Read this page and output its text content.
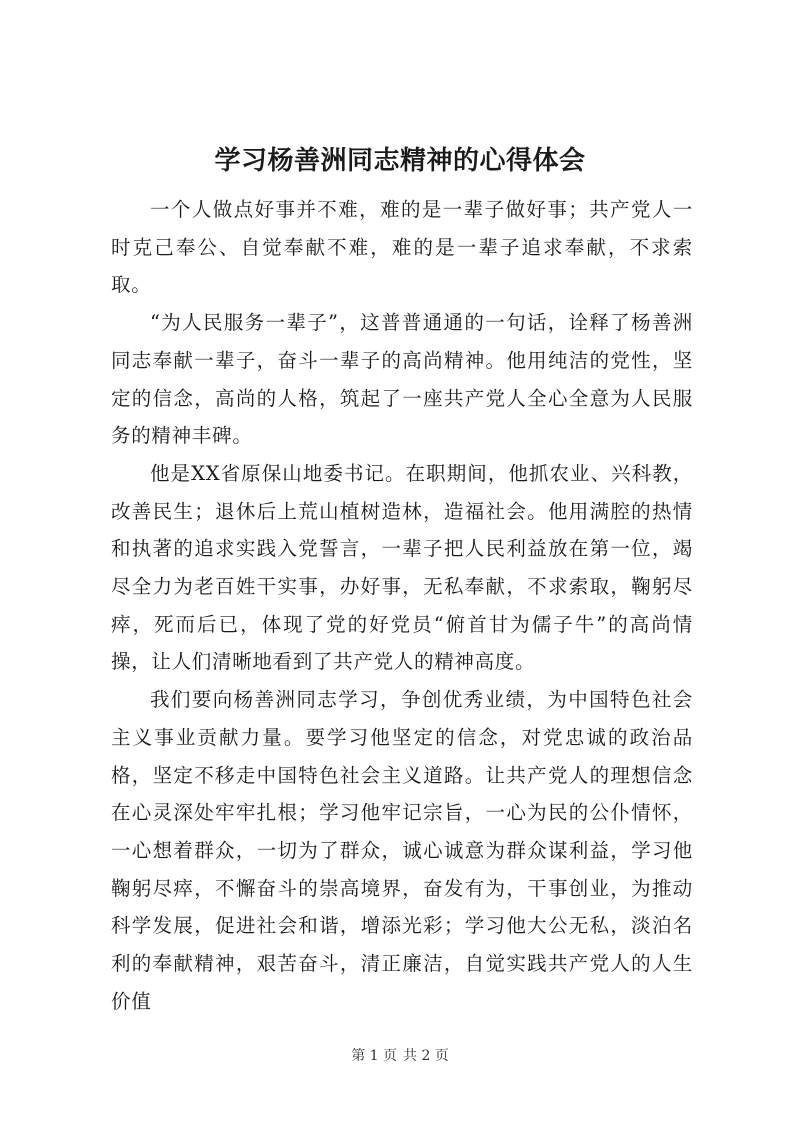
学习杨善洲同志精神的心得体会

一个人做点好事并不难，难的是一辈子做好事；共产党人一时克己奉公、自觉奉献不难，难的是一辈子追求奉献，不求索取。

“为人民服务一辈子”，这普普通通的一句话，诠释了杨善洲同志奉献一辈子，奋斗一辈子的高尚精神。他用纯洁的党性，坚定的信念，高尚的人格，筑起了一座共产党人全心全意为人民服务的精神丰碑。

他是XX省原保山地委书记。在职期间，他抓农业、兴科教，改善民生；退休后上荒山植树造林，造福社会。他用满腔的热情和执著的追求实践入党誓言，一辈子把人民利益放在第一位，竭尽全力为老百姓干实事，办好事，无私奉献，不求索取，鞠躬尽瘁，死而后已，体现了党的好党员“俯首甘为儒子牛”的高尚情操，让人们清晰地看到了共产党人的精神高度。

我们要向杨善洲同志学习，争创优秀业绩，为中国特色社会主义事业贡献力量。要学习他坚定的信念，对党忠诚的政治品格，坚定不移走中国特色社会主义道路。让共产党人的理想信念在心灵深处牢牢扎根；学习他牢记宗旨，一心为民的公仆情怀，一心想着群众，一切为了群众，诚心诚意为群众谋利益，学习他鞠躬尽瘁，不懈奋斗的崇高境界，奋发有为，干事创业，为推动科学发展，促进社会和谐，增添光彩；学习他大公无私，淡泊名利的奉献精神，艰苦奋斗，清正廉洁，自觉实践共产党人的人生价值

第 1 页 共 2 页
